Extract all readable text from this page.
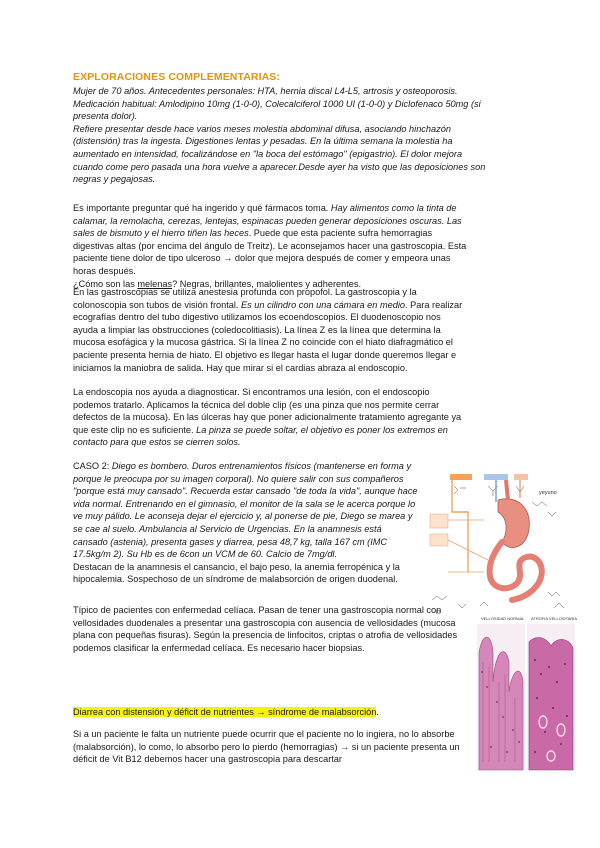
EXPLORACIONES COMPLEMENTARIAS:
Mujer de 70 años. Antecedentes personales: HTA, hernia discal L4-L5, artrosis y osteoporosis.
Medicación habitual: Amlodipino 10mg (1-0-0), Colecalciferol 1000 UI (1-0-0) y Diclofenaco 50mg (si
presenta dolor).
Refiere presentar desde hace varios meses molestia abdominal difusa, asociando hinchazón
(distensión) tras la ingesta. Digestiones lentas y pesadas. En la última semana la molestia ha
aumentado en intensidad, focalizándose en "la boca del estómago" (epigastrio). El dolor mejora
cuando come pero pasada una hora vuelve a aparecer.Desde ayer ha visto que las deposiciones son
negras y pegajosas.
Es importante preguntar qué ha ingerido y qué fármacos toma. Hay alimentos como la tinta de calamar, la remolacha, cerezas, lentejas, espinacas pueden generar deposiciones oscuras. Las sales de bismuto y el hierro tiñen las heces. Puede que esta paciente sufra hemorragias digestivas altas (por encima del ángulo de Treitz). Le aconsejamos hacer una gastroscopia. Esta paciente tiene dolor de tipo ulceroso → dolor que mejora después de comer y empeora unas horas después.
¿Cómo son las melenas? Negras, brillantes, malolientes y adherentes.
En las gastroscopias se utiliza anestesia profunda con propofol. La gastroscopia y la colonoscopia son tubos de visión frontal. Es un cilindro con una cámara en medio. Para realizar ecografías dentro del tubo digestivo utilizamos los ecoendoscopios. El duodenoscopio nos ayuda a limpiar las obstrucciones (coledocolitiasis). La línea Z es la línea que determina la mucosa esofágica y la mucosa gástrica. Si la línea Z no coincide con el hiato diafragmático el paciente presenta hernia de hiato. El objetivo es llegar hasta el lugar donde queremos llegar e iniciamos la maniobra de salida. Hay que mirar si el cardias abraza al endoscopio.
La endoscopia nos ayuda a diagnosticar. Si encontramos una lesión, con el endoscopio podemos tratarlo. Aplicamos la técnica del doble clip (es una pinza que nos permite cerrar defectos de la mucosa). En las úlceras hay que poner adicionalmente tratamiento agregante ya que este clip no es suficiente. La pinza se puede soltar, el objetivo es poner los extremos en contacto para que estos se cierren solos.
CASO 2: Diego es bombero. Duros entrenamientos físicos (mantenerse en forma y porque le preocupa por su imagen corporal). No quiere salir con sus compañeros "porque está muy cansado". Recuerda estar cansado "de toda la vida", aunque hace vida normal. Entrenando en el gimnasio, el monitor de la sala se le acerca porque lo ve muy pálido. Le aconseja dejar el ejercicio y, al ponerse de pie, Diego se marea y se cae al suelo. Ambulancia al Servicio de Urgencias. En la anamnesis está cansado (astenia), presenta gases y diarrea, pesa 48,7 kg, talla 167 cm (IMC 17.5kg/m 2). Su Hb es de 6con un VCM de 60. Calcio de 7mg/dl.
Destacan de la anamnesis el cansancio, el bajo peso, la anemia ferropénica y la hipocalemia. Sospechoso de un síndrome de malabsorción de origen duodenal.
yeyuno
Típico de pacientes con enfermedad celíaca. Pasan de tener una gastroscopia normal con vellosidades duodenales a presentar una gastroscopia con ausencia de vellosidades (mucosa plana con pequeñas fisuras). Según la presencia de linfocitos, criptas o atrofia de vellosidades podemos clasificar la enfermedad celíaca. Es necesario hacer biopsias.
Diarrea con distensión y déficit de nutrientes → síndrome de malabsorción.
Si a un paciente le falta un nutriente puede ocurrir que el paciente no lo ingiera, no lo absorbe (malabsorción), lo como, lo absorbo pero lo pierdo (hemorragias) → si un paciente presenta un déficit de Vit B12 debemos hacer una gastroscopia para descartar
VELLOSIDAD NORMAL ATROFIA VELLOSITARIA
